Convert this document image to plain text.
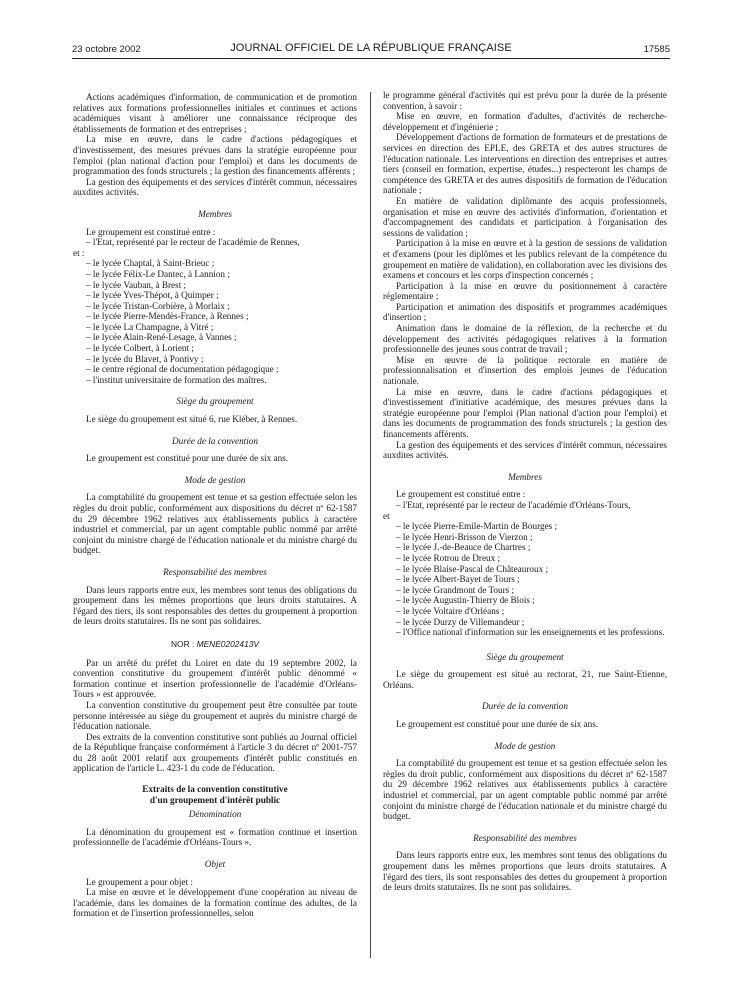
23 octobre 2002	JOURNAL OFFICIEL DE LA RÉPUBLIQUE FRANÇAISE	17585

Actions académiques d'information, de communication et de promotion relatives aux formations professionnelles initiales et continues et actions académiques visant à améliorer une connaissance réciproque des établissements de formation et des entreprises ;

La mise en œuvre, dans le cadre d'actions pédagogiques et d'investissement, des mesures prévues dans la stratégie européenne pour l'emploi (plan national d'action pour l'emploi) et dans les documents de programmation des fonds structurels ; la gestion des financements afférents ;

La gestion des équipements et des services d'intérêt commun, nécessaires auxdites activités.

Membres

Le groupement est constitué entre :

– l'Etat, représenté par le recteur de l'académie de Rennes,

et :

– le lycée Chaptal, à Saint-Brieuc ;
– le lycée Félix-Le Dantec, à Lannion ;
– le lycée Vauban, à Brest ;
– le lycée Yves-Thépot, à Quimper ;
– le lycée Tristan-Corbière, à Morlaix ;
– le lycée Pierre-Mendès-France, à Rennes ;
– le lycée La Champagne, à Vitré ;
– le lycée Alain-René-Lesage, à Vannes ;
– le lycée Colbert, à Lorient ;
– le lycée du Blavet, à Pontivy ;
– le centre régional de documentation pédagogique ;
– l'institut universitaire de formation des maîtres.

Siège du groupement

Le siège du groupement est situé 6, rue Kléber, à Rennes.

Durée de la convention

Le groupement est constitué pour une durée de six ans.

Mode de gestion

La comptabilité du groupement est tenue et sa gestion effectuée selon les règles du droit public, conformément aux dispositions du décret nº 62-1587 du 29 décembre 1962 relatives aux établissements publics à caractère industriel et commercial, par un agent comptable public nommé par arrêté conjoint du ministre chargé de l'éducation nationale et du ministre chargé du budget.

Responsabilité des membres

Dans leurs rapports entre eux, les membres sont tenus des obligations du groupement dans les mêmes proportions que leurs droits statutaires. A l'égard des tiers, ils sont responsables des dettes du groupement à proportion de leurs droits statutaires. Ils ne sont pas solidaires.

NOR : MENE0202413V

Par un arrêté du préfet du Loiret en date du 19 septembre 2002, la convention constitutive du groupement d'intérêt public dénommé « formation continue et insertion professionnelle de l'académie d'Orléans-Tours » est approuvée.

La convention constitutive du groupement peut être consultée par toute personne intéressée au siège du groupement et auprès du ministre chargé de l'éducation nationale.

Des extraits de la convention constitutive sont publiés au Journal officiel de la République française conformément à l'article 3 du décret nº 2001-757 du 28 août 2001 relatif aux groupements d'intérêt public constitués en application de l'article L. 423-1 du code de l'éducation.

Extraits de la convention constitutive

d'un groupement d'intérêt public

Dénomination

La dénomination du groupement est « formation continue et insertion professionnelle de l'académie d'Orléans-Tours ».

Objet

Le groupement a pour objet :

La mise en œuvre et le développement d'une coopération au niveau de l'académie, dans les domaines de la formation continue des adultes, de la formation et de l'insertion professionnelles, selon

le programme général d'activités qui est prévu pour la durée de la présente convention, à savoir :

Mise en œuvre, en formation d'adultes, d'activités de recherche-développement et d'ingénierie ;

Développement d'actions de formation de formateurs et de prestations de services en direction des EPLE, des GRETA et des autres structures de l'éducation nationale. Les interventions en direction des entreprises et autres tiers (conseil en formation, expertise, études...) respecteront les champs de compétence des GRETA et des autres dispositifs de formation de l'éducation nationale ;

En matière de validation diplômante des acquis professionnels, organisation et mise en œuvre des activités d'information, d'orientation et d'accompagnement des candidats et participation à l'organisation des sessions de validation ;

Participation à la mise en œuvre et à la gestion de sessions de validation et d'examens (pour les diplômes et les publics relevant de la compétence du groupement en matière de validation), en collaboration avec les divisions des examens et concours et les corps d'inspection concernés ;

Participation à la mise en œuvre du positionnement à caractère réglementaire ;

Participation et animation des dispositifs et programmes académiques d'insertion ;

Animation dans le domaine de la réflexion, de la recherche et du développement des activités pédagogiques relatives à la formation professionnelle des jeunes sous contrat de travail ;

Mise en œuvre de la politique rectorale en matière de professionnalisation et d'insertion des emplois jeunes de l'éducation nationale.

La mise en œuvre, dans le cadre d'actions pédagogiques et d'investissement d'initiative académique, des mesures prévues dans la stratégie européenne pour l'emploi (Plan national d'action pour l'emploi) et dans les documents de programmation des fonds structurels ; la gestion des financements afférents.

La gestion des équipements et des services d'intérêt commun, nécessaires auxdites activités.

Membres

Le groupement est constitué entre :

– l'Etat, représenté par le recteur de l'académie d'Orléans-Tours,

et

– le lycée Pierre-Emile-Martin de Bourges ;
– le lycée Henri-Brisson de Vierzon ;
– le lycée J.-de-Beauce de Chartres ;
– le lycée Rotrou de Dreux ;
– le lycée Blaise-Pascal de Châteauroux ;
– le lycée Albert-Bayet de Tours ;
– le lycée Grandmont de Tours ;
– le lycée Augustin-Thierry de Blois ;
– le lycée Voltaire d'Orléans ;
– le lycée Durzy de Villemandeur ;
– l'Office national d'information sur les enseignements et les professions.

Siège du groupement

Le siège du groupement est situé au rectorat, 21, rue Saint-Etienne, Orléans.

Durée de la convention

Le groupement est constitué pour une durée de six ans.

Mode de gestion

La comptabilité du groupement est tenue et sa gestion effectuée selon les règles du droit public, conformément aux dispositions du décret nº 62-1587 du 29 décembre 1962 relatives aux établissements publics à caractère industriel et commercial, par un agent comptable public nommé par arrêté conjoint du ministre chargé de l'éducation nationale et du ministre chargé du budget.

Responsabilité des membres

Dans leurs rapports entre eux, les membres sont tenus des obligations du groupement dans les mêmes proportions que leurs droits statutaires. A l'égard des tiers, ils sont responsables des dettes du groupement à proportion de leurs droits statutaires. Ils ne sont pas solidaires.
